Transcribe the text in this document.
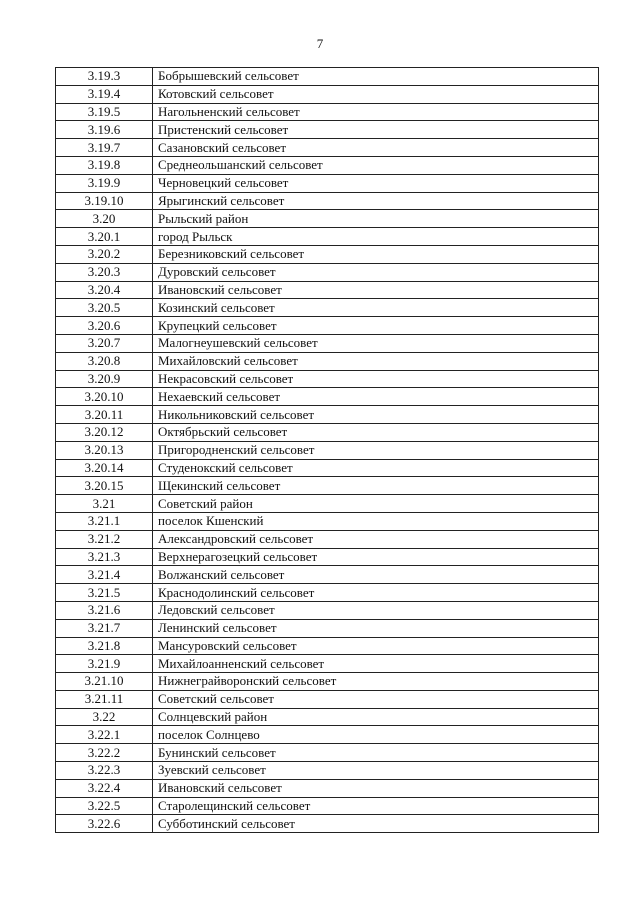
7
3.19.3	Бобрышевский сельсовет
3.19.4	Котовский сельсовет
3.19.5	Нагольненский сельсовет
3.19.6	Пристенский сельсовет
3.19.7	Сазановский сельсовет
3.19.8	Среднеольшанский сельсовет
3.19.9	Черновецкий сельсовет
3.19.10	Ярыгинский сельсовет
3.20	Рыльский район
3.20.1	город Рыльск
3.20.2	Березниковский сельсовет
3.20.3	Дуровский сельсовет
3.20.4	Ивановский сельсовет
3.20.5	Козинский сельсовет
3.20.6	Крупецкий сельсовет
3.20.7	Малогнеушевский сельсовет
3.20.8	Михайловский сельсовет
3.20.9	Некрасовский сельсовет
3.20.10	Нехаевский сельсовет
3.20.11	Никольниковский сельсовет
3.20.12	Октябрьский сельсовет
3.20.13	Пригородненский сельсовет
3.20.14	Студенокский сельсовет
3.20.15	Щекинский сельсовет
3.21	Советский район
3.21.1	поселок Кшенский
3.21.2	Александровский сельсовет
3.21.3	Верхнерагозецкий сельсовет
3.21.4	Волжанский сельсовет
3.21.5	Краснодолинский сельсовет
3.21.6	Ледовский сельсовет
3.21.7	Ленинский сельсовет
3.21.8	Мансуровский сельсовет
3.21.9	Михайлоанненский сельсовет
3.21.10	Нижнеграйворонский сельсовет
3.21.11	Советский сельсовет
3.22	Солнцевский район
3.22.1	поселок Солнцево
3.22.2	Бунинский сельсовет
3.22.3	Зуевский сельсовет
3.22.4	Ивановский сельсовет
3.22.5	Старолещинский сельсовет
3.22.6	Субботинский сельсовет
